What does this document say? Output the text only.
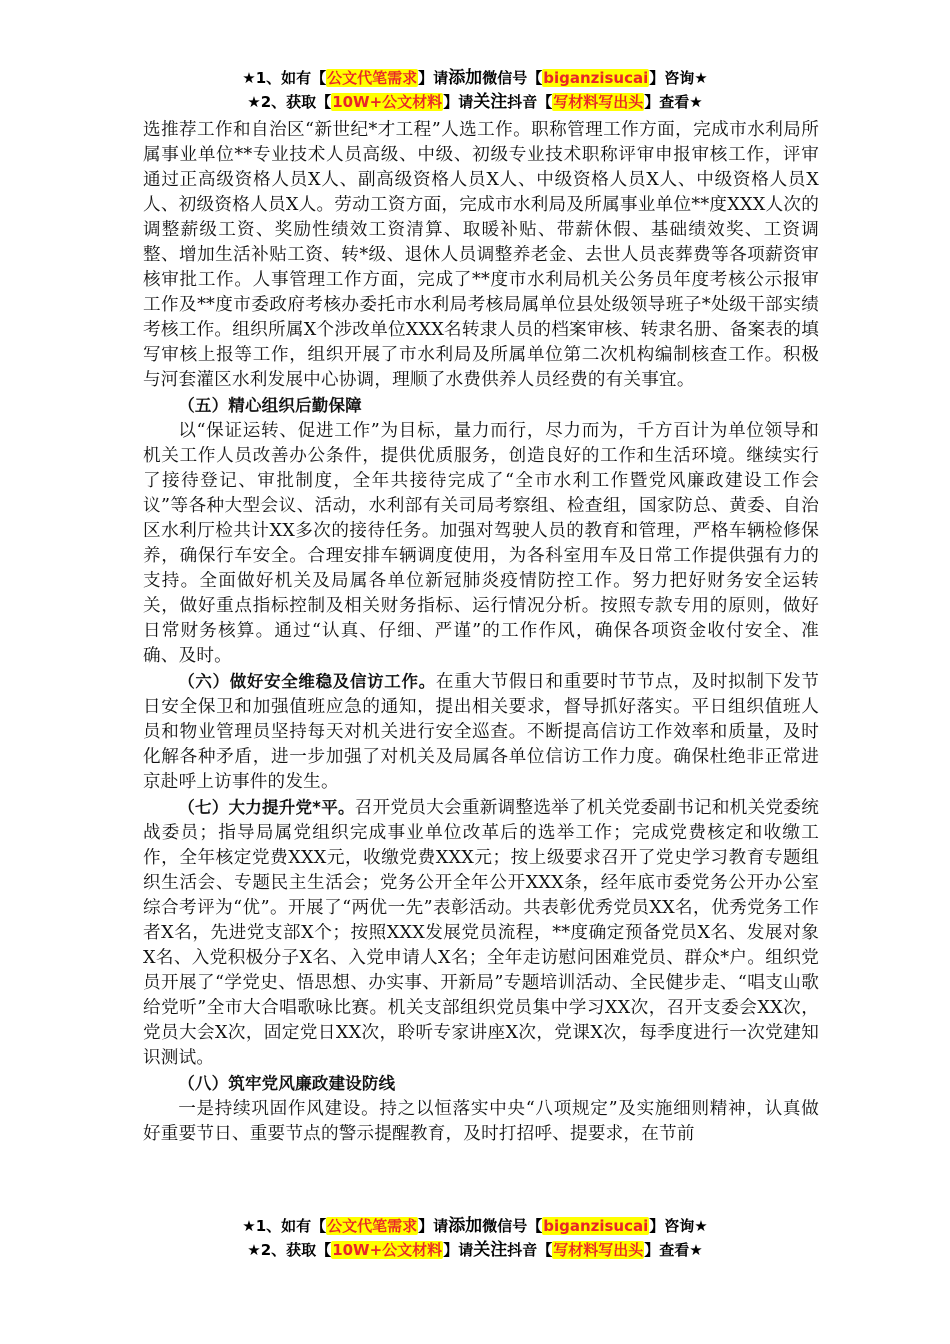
★1、如有【公文代笔需求】请添加微信号【biganzisucai】咨询★
★2、获取【10W+公文材料】请关注抖音【写材料写出头】查看★

选推荐工作和自治区“新世纪*才工程”人选工作。职称管理工作方面，完成市水利局所属事业单位**专业技术人员高级、中级、初级专业技术职称评审申报审核工作，评审通过正高级资格人员X人、副高级资格人员X人、中级资格人员X人、中级资格人员X人、初级资格人员X人。劳动工资方面，完成市水利局及所属事业单位**度XXX人次的调整薪级工资、奖励性绩效工资清算、取暖补贴、带薪休假、基础绩效奖、工资调整、增加生活补贴工资、转*级、退休人员调整养老金、去世人员丧葬费等各项薪资审核审批工作。人事管理工作方面，完成了**度市水利局机关公务员年度考核公示报审工作及**度市委政府考核办委托市水利局考核局属单位县处级领导班子*处级干部实绩考核工作。组织所属X个涉改单位XXX名转隶人员的档案审核、转隶名册、备案表的填写审核上报等工作，组织开展了市水利局及所属单位第二次机构编制核查工作。积极与河套灌区水利发展中心协调，理顺了水费供养人员经费的有关事宜。

（五）精心组织后勤保障

以“保证运转、促进工作”为目标，量力而行，尽力而为，千方百计为单位领导和机关工作人员改善办公条件，提供优质服务，创造良好的工作和生活环境。继续实行了接待登记、审批制度，全年共接待完成了“全市水利工作暨党风廉政建设工作会议”等各种大型会议、活动，水利部有关司局考察组、检查组，国家防总、黄委、自治区水利厅检共计XX多次的接待任务。加强对驾驶人员的教育和管理，严格车辆检修保养，确保行车安全。合理安排车辆调度使用，为各科室用车及日常工作提供强有力的支持。全面做好机关及局属各单位新冠肺炎疫情防控工作。努力把好财务安全运转关，做好重点指标控制及相关财务指标、运行情况分析。按照专款专用的原则，做好日常财务核算。通过“认真、仔细、严谨”的工作作风，确保各项资金收付安全、准确、及时。

（六）做好安全维稳及信访工作。在重大节假日和重要时节节点，及时拟制下发节日安全保卫和加强值班应急的通知，提出相关要求，督导抓好落实。平日组织值班人员和物业管理员坚持每天对机关进行安全巡查。不断提高信访工作效率和质量，及时化解各种矛盾，进一步加强了对机关及局属各单位信访工作力度。确保杜绝非正常进京赴呼上访事件的发生。

（七）大力提升党*平。召开党员大会重新调整选举了机关党委副书记和机关党委统战委员；指导局属党组织完成事业单位改革后的选举工作；完成党费核定和收缴工作，全年核定党费XXX元，收缴党费XXX元；按上级要求召开了党史学习教育专题组织生活会、专题民主生活会；党务公开全年公开XXX条，经年底市委党务公开办公室综合考评为“优”。开展了“两优一先”表彰活动。共表彰优秀党员XX名，优秀党务工作者X名，先进党支部X个；按照XXX发展党员流程，**度确定预备党员X名、发展对象X名、入党积极分子X名、入党申请人X名；全年走访慰问困难党员、群众*户。组织党员开展了“学党史、悟思想、办实事、开新局”专题培训活动、全民健步走、“唱支山歌给党听”全市大合唱歌咏比赛。机关支部组织党员集中学习XX次，召开支委会XX次，党员大会X次，固定党日XX次，聆听专家讲座X次，党课X次，每季度进行一次党建知识测试。

（八）筑牢党风廉政建设防线

一是持续巩固作风建设。持之以恒落实中央“八项规定”及实施细则精神，认真做好重要节日、重要节点的警示提醒教育，及时打招呼、提要求，在节前

★1、如有【公文代笔需求】请添加微信号【biganzisucai】咨询★
★2、获取【10W+公文材料】请关注抖音【写材料写出头】查看★
